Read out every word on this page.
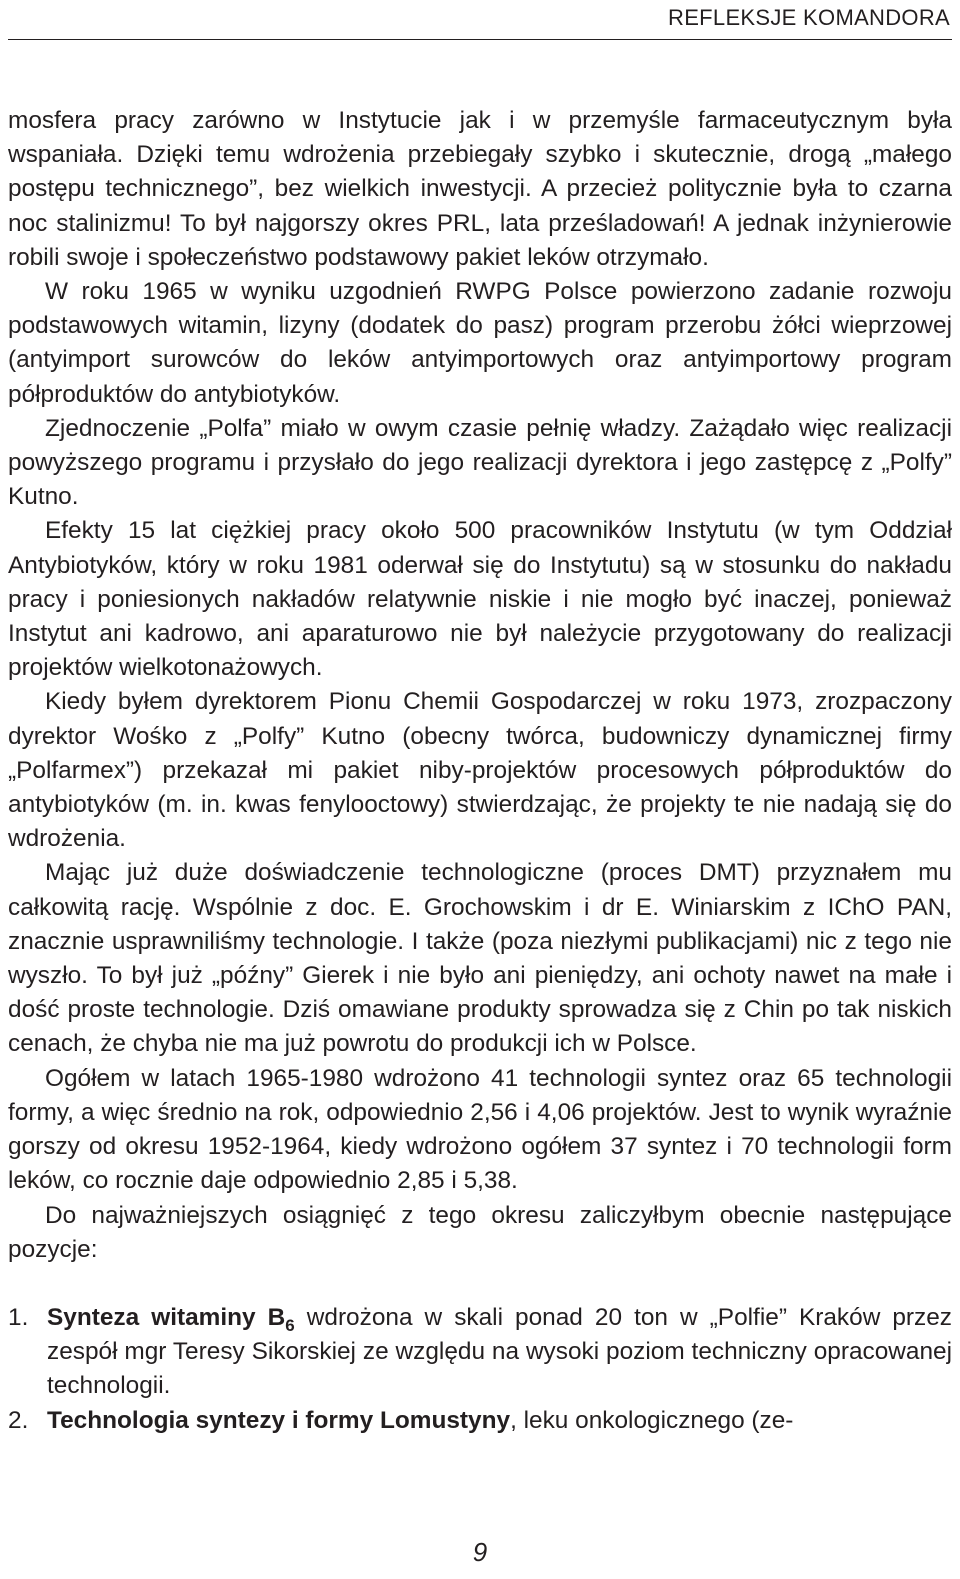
REFLEKSJE KOMANDORA

mosfera pracy zarówno w Instytucie jak i w przemyśle farmaceutycznym była wspaniała. Dzięki temu wdrożenia przebiegały szybko i skutecznie, drogą „małego postępu technicznego”, bez wielkich inwestycji. A przecież politycznie była to czarna noc stalinizmu! To był najgorszy okres PRL, lata prześladowań! A jednak inżynierowie robili swoje i społeczeństwo podstawowy pakiet leków otrzymało.

W roku 1965 w wyniku uzgodnień RWPG Polsce powierzono zadanie rozwoju podstawowych witamin, lizyny (dodatek do pasz) program przerobu żółci wieprzowej (antyimport surowców do leków antyimportowych oraz antyimportowy program półproduktów do antybiotyków.

Zjednoczenie „Polfa” miało w owym czasie pełnię władzy. Zażądało więc realizacji powyższego programu i przysłało do jego realizacji dyrektora i jego zastępcę z „Polfy” Kutno.

Efekty 15 lat ciężkiej pracy około 500 pracowników Instytutu (w tym Oddział Antybiotyków, który w roku 1981 oderwał się do Instytutu) są w stosunku do nakładu pracy i poniesionych nakładów relatywnie niskie i nie mogło być inaczej, ponieważ Instytut ani kadrowo, ani aparaturowo nie był należycie przygotowany do realizacji projektów wielkotonażowych.

Kiedy byłem dyrektorem Pionu Chemii Gospodarczej w roku 1973, zrozpaczony dyrektor Wośko z „Polfy” Kutno (obecny twórca, budowniczy dynamicznej firmy „Polfarmex”) przekazał mi pakiet niby-projektów procesowych półproduktów do antybiotyków (m. in. kwas fenylooctowy) stwierdzając, że projekty te nie nadają się do wdrożenia.

Mając już duże doświadczenie technologiczne (proces DMT) przyznałem mu całkowitą rację. Wspólnie z doc. E. Grochowskim i dr E. Winiarskim z IChO PAN, znacznie usprawniliśmy technologie. I także (poza niezłymi publikacjami) nic z tego nie wyszło. To był już „późny” Gierek i nie było ani pieniędzy, ani ochoty nawet na małe i dość proste technologie. Dziś omawiane produkty sprowadza się z Chin po tak niskich cenach, że chyba nie ma już powrotu do produkcji ich w Polsce.

Ogółem w latach 1965-1980 wdrożono 41 technologii syntez oraz 65 technologii formy, a więc średnio na rok, odpowiednio 2,56 i 4,06 projektów. Jest to wynik wyraźnie gorszy od okresu 1952-1964, kiedy wdrożono ogółem 37 syntez i 70 technologii form leków, co rocznie daje odpowiednio 2,85 i 5,38.

Do najważniejszych osiągnięć z tego okresu zaliczyłbym obecnie następujące pozycje:

1. Synteza witaminy $B_6$ wdrożona w skali ponad 20 ton w „Polfie” Kraków przez zespół mgr Teresy Sikorskiej ze względu na wysoki poziom techniczny opracowanej technologii.
2. Technologia syntezy i formy Lomustyny, leku onkologicznego (ze-
9
